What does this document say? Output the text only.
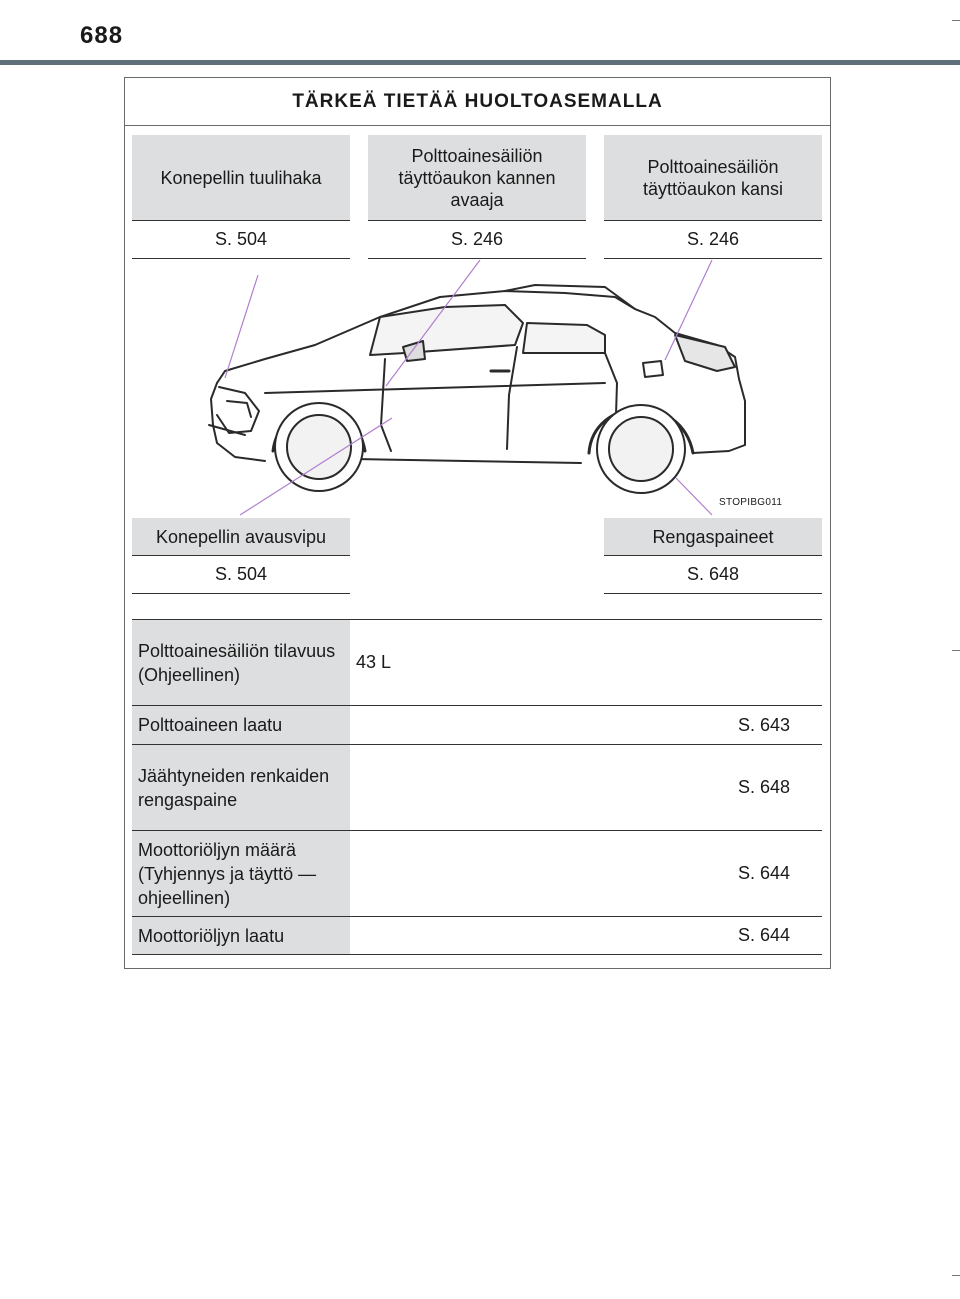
688
TÄRKEÄ TIETÄÄ HUOLTOASEMALLA
Konepellin tuulihaka
S. 504
Polttoainesäiliön täyttöaukon kannen avaaja
S. 246
Polttoainesäiliön täyttöaukon kansi
S. 246
STOPIBG011
Konepellin avausvipu
S. 504
Rengaspaineet
S. 648
Polttoainesäiliön tilavuus (Ohjeellinen)
43 L
Polttoaineen laatu	S. 643
Jäähtyneiden renkaiden rengaspaine
S. 648
Moottoriöljyn määrä (Tyhjennys ja täyttö — ohjeellinen)
S. 644
Moottoriöljyn laatu	S. 644
